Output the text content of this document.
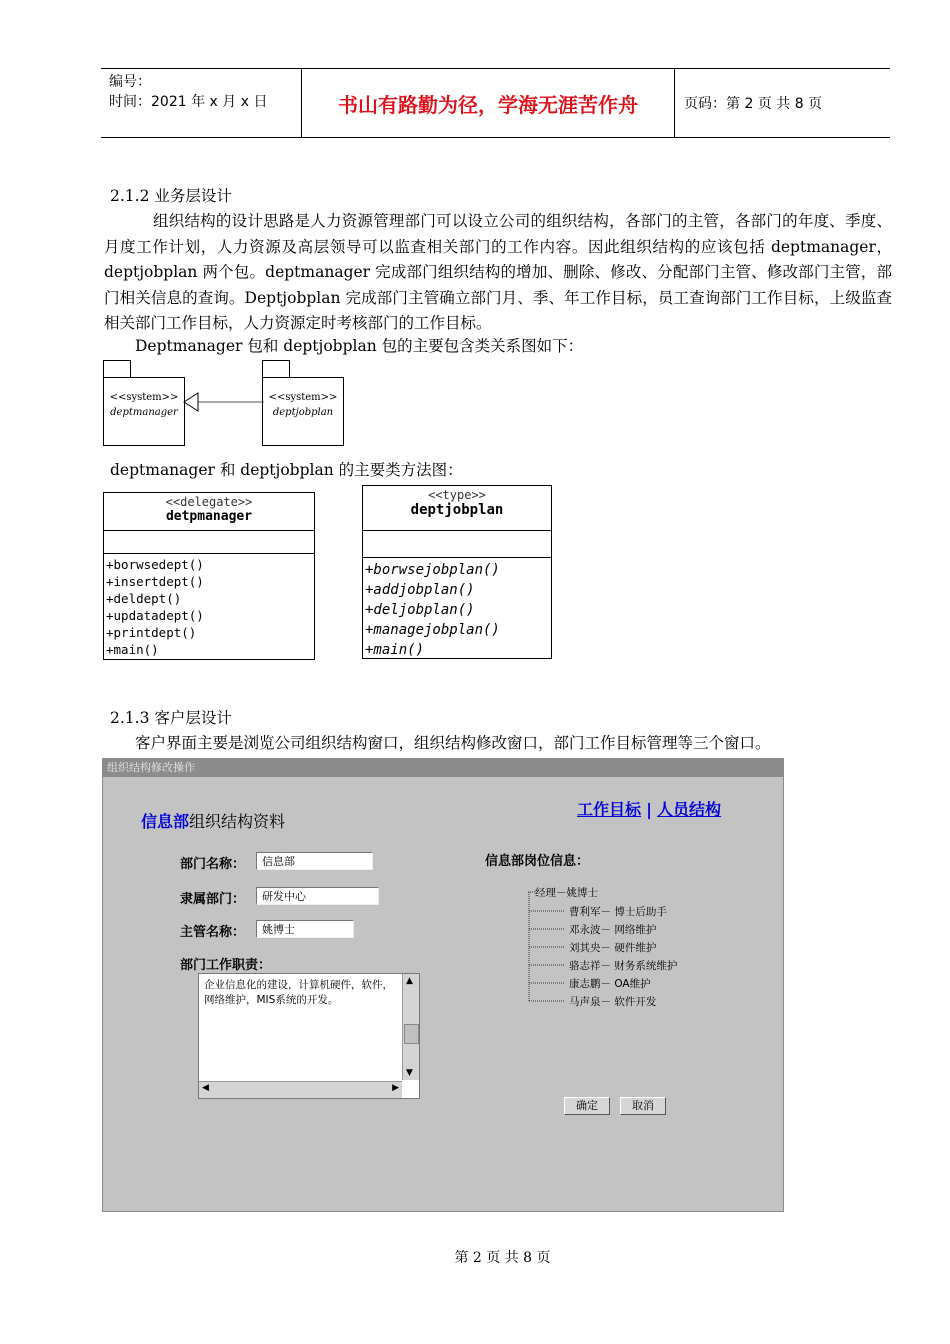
编号：
时间：2021 年 x 月 x 日	书山有路勤为径，学海无涯苦作舟	页码：第 2 页 共 8 页
2.1.2 业务层设计
组织结构的设计思路是人力资源管理部门可以设立公司的组织结构，各部门的主管，各部门的年度、季度、月度工作计划，人力资源及高层领导可以监查相关部门的工作内容。因此组织结构的应该包括 deptmanager，deptjobplan 两个包。deptmanager 完成部门组织结构的增加、删除、修改、分配部门主管、修改部门主管，部门相关信息的查询。Deptjobplan 完成部门主管确立部门月、季、年工作目标，员工查询部门工作目标，上级监查相关部门工作目标，人力资源定时考核部门的工作目标。
Deptmanager 包和 deptjobplan 包的主要包含类关系图如下：
<<system>>
deptmanager
<<system>>
deptjobplan
deptmanager 和 deptjobplan 的主要类方法图：
<<delegate>>
detpmanager
+borwsedept()
+insertdept()
+deldept()
+updatadept()
+printdept()
+main()
<<type>>
deptjobplan
+borwsejobplan()
+addjobplan()
+deljobplan()
+managejobplan()
+main()
2.1.3 客户层设计
客户界面主要是浏览公司组织结构窗口，组织结构修改窗口，部门工作目标管理等三个窗口。
组织结构修改操作
信息部组织结构资料
工作目标 | 人员结构
部门名称：	信息部
隶属部门：	研发中心
主管名称：	姚博士
部门工作职责：
企业信息化的建设，计算机硬件，软件，网络维护，MIS系统的开发。
▲
▼
◀	▶
信息部岗位信息：
经理－姚博士
曹利军－ 博士后助手
邓永波－ 网络维护
刘其央－ 硬件维护
骆志祥－ 财务系统维护
康志鹏－ OA维护
马声泉－ 软件开发
确定	取消
第 2 页 共 8 页
